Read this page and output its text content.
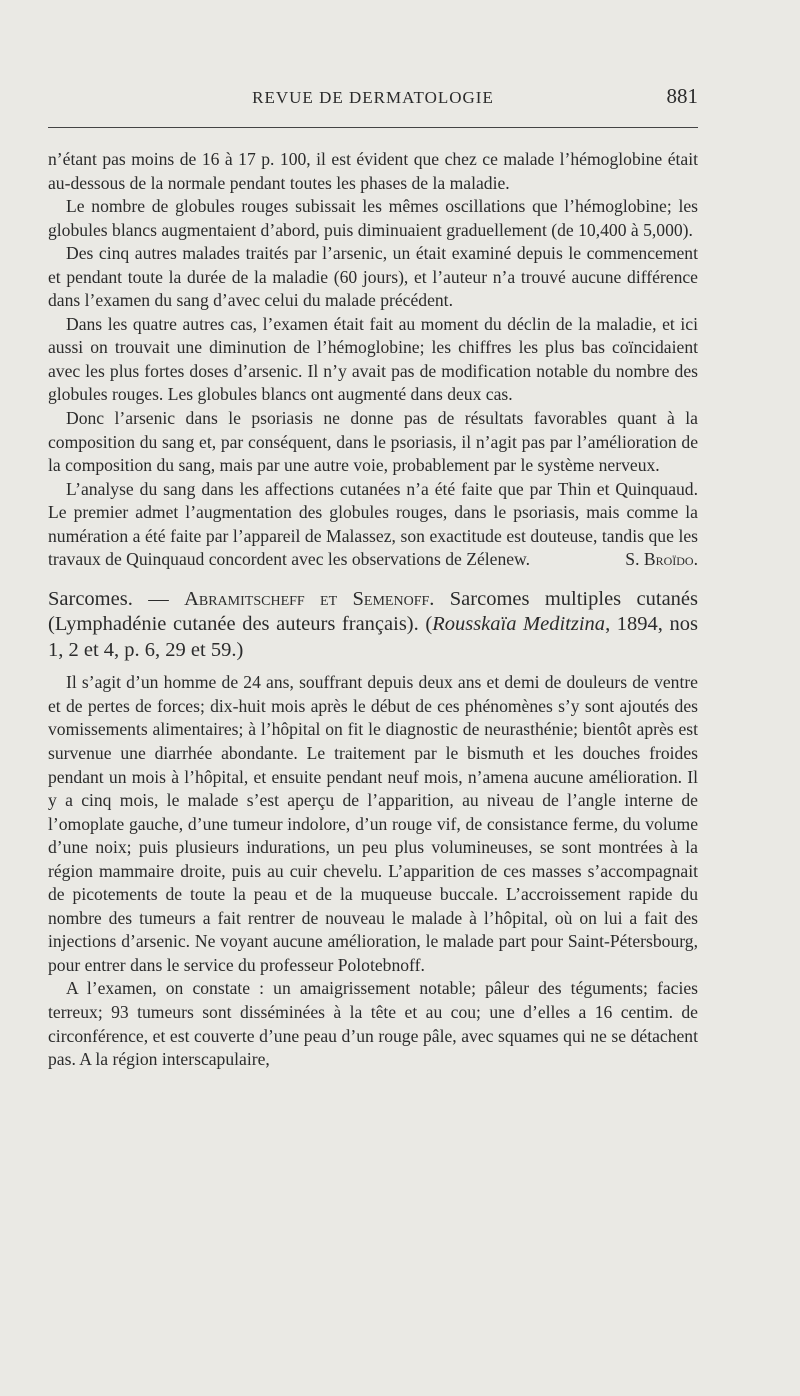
REVUE DE DERMATOLOGIE	881

n’étant pas moins de 16 à 17 p. 100, il est évident que chez ce malade l’hémoglobine était au-dessous de la normale pendant toutes les phases de la maladie.

Le nombre de globules rouges subissait les mêmes oscillations que l’hémoglobine; les globules blancs augmentaient d’abord, puis diminuaient graduellement (de 10,400 à 5,000).

Des cinq autres malades traités par l’arsenic, un était examiné depuis le commencement et pendant toute la durée de la maladie (60 jours), et l’auteur n’a trouvé aucune différence dans l’examen du sang d’avec celui du malade précédent.

Dans les quatre autres cas, l’examen était fait au moment du déclin de la maladie, et ici aussi on trouvait une diminution de l’hémoglobine; les chiffres les plus bas coïncidaient avec les plus fortes doses d’arsenic. Il n’y avait pas de modification notable du nombre des globules rouges. Les globules blancs ont augmenté dans deux cas.

Donc l’arsenic dans le psoriasis ne donne pas de résultats favorables quant à la composition du sang et, par conséquent, dans le psoriasis, il n’agit pas par l’amélioration de la composition du sang, mais par une autre voie, probablement par le système nerveux.

L’analyse du sang dans les affections cutanées n’a été faite que par Thin et Quinquaud. Le premier admet l’augmentation des globules rouges, dans le psoriasis, mais comme la numération a été faite par l’appareil de Malassez, son exactitude est douteuse, tandis que les travaux de Quinquaud concordent avec les observations de Zélenew.	S. Broïdo.

Sarcomes. — Abramitscheff et Semenoff. Sarcomes multiples cutanés (Lymphadénie cutanée des auteurs français). (Rousskaïa Meditzina, 1894, nos 1, 2 et 4, p. 6, 29 et 59.)

Il s’agit d’un homme de 24 ans, souffrant depuis deux ans et demi de douleurs de ventre et de pertes de forces; dix-huit mois après le début de ces phénomènes s’y sont ajoutés des vomissements alimentaires; à l’hôpital on fit le diagnostic de neurasthénie; bientôt après est survenue une diarrhée abondante. Le traitement par le bismuth et les douches froides pendant un mois à l’hôpital, et ensuite pendant neuf mois, n’amena aucune amélioration. Il y a cinq mois, le malade s’est aperçu de l’apparition, au niveau de l’angle interne de l’omoplate gauche, d’une tumeur indolore, d’un rouge vif, de consistance ferme, du volume d’une noix; puis plusieurs indurations, un peu plus volumineuses, se sont montrées à la région mammaire droite, puis au cuir chevelu. L’apparition de ces masses s’accompagnait de picotements de toute la peau et de la muqueuse buccale. L’accroissement rapide du nombre des tumeurs a fait rentrer de nouveau le malade à l’hôpital, où on lui a fait des injections d’arsenic. Ne voyant aucune amélioration, le malade part pour Saint-Pétersbourg, pour entrer dans le service du professeur Polotebnoff.

A l’examen, on constate : un amaigrissement notable; pâleur des téguments; facies terreux; 93 tumeurs sont disséminées à la tête et au cou; une d’elles a 16 centim. de circonférence, et est couverte d’une peau d’un rouge pâle, avec squames qui ne se détachent pas. A la région interscapulaire,
